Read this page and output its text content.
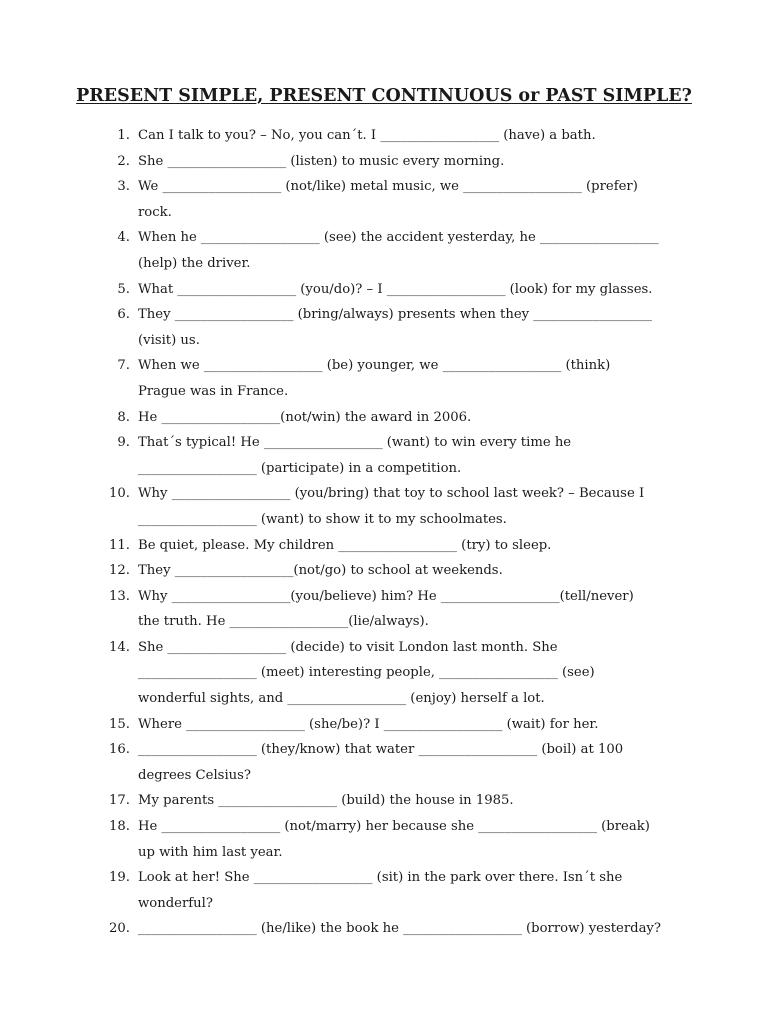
PRESENT SIMPLE, PRESENT CONTINUOUS or PAST SIMPLE?
1. Can I talk to you? – No, you can´t. I __________________ (have) a bath.
2. She __________________ (listen) to music every morning.
3. We __________________ (not/like) metal music, we __________________ (prefer)
rock.
4. When he __________________ (see) the accident yesterday, he __________________
(help) the driver.
5. What __________________ (you/do)? – I __________________ (look) for my glasses.
6. They __________________ (bring/always) presents when they __________________
(visit) us.
7. When we __________________ (be) younger, we __________________ (think)
Prague was in France.
8. He __________________(not/win) the award in 2006.
9. That´s typical! He __________________ (want) to win every time he
__________________ (participate) in a competition.
10. Why __________________ (you/bring) that toy to school last week? – Because I
__________________ (want) to show it to my schoolmates.
11. Be quiet, please. My children __________________ (try) to sleep.
12. They __________________(not/go) to school at weekends.
13. Why __________________(you/believe) him? He __________________(tell/never)
the truth. He __________________(lie/always).
14. She __________________ (decide) to visit London last month. She
__________________ (meet) interesting people, __________________ (see)
wonderful sights, and __________________ (enjoy) herself a lot.
15. Where __________________ (she/be)? I __________________ (wait) for her.
16. __________________ (they/know) that water __________________ (boil) at 100
degrees Celsius?
17. My parents __________________ (build) the house in 1985.
18. He __________________ (not/marry) her because she __________________ (break)
up with him last year.
19. Look at her! She __________________ (sit) in the park over there. Isn´t she
wonderful?
20. __________________ (he/like) the book he __________________ (borrow) yesterday?
